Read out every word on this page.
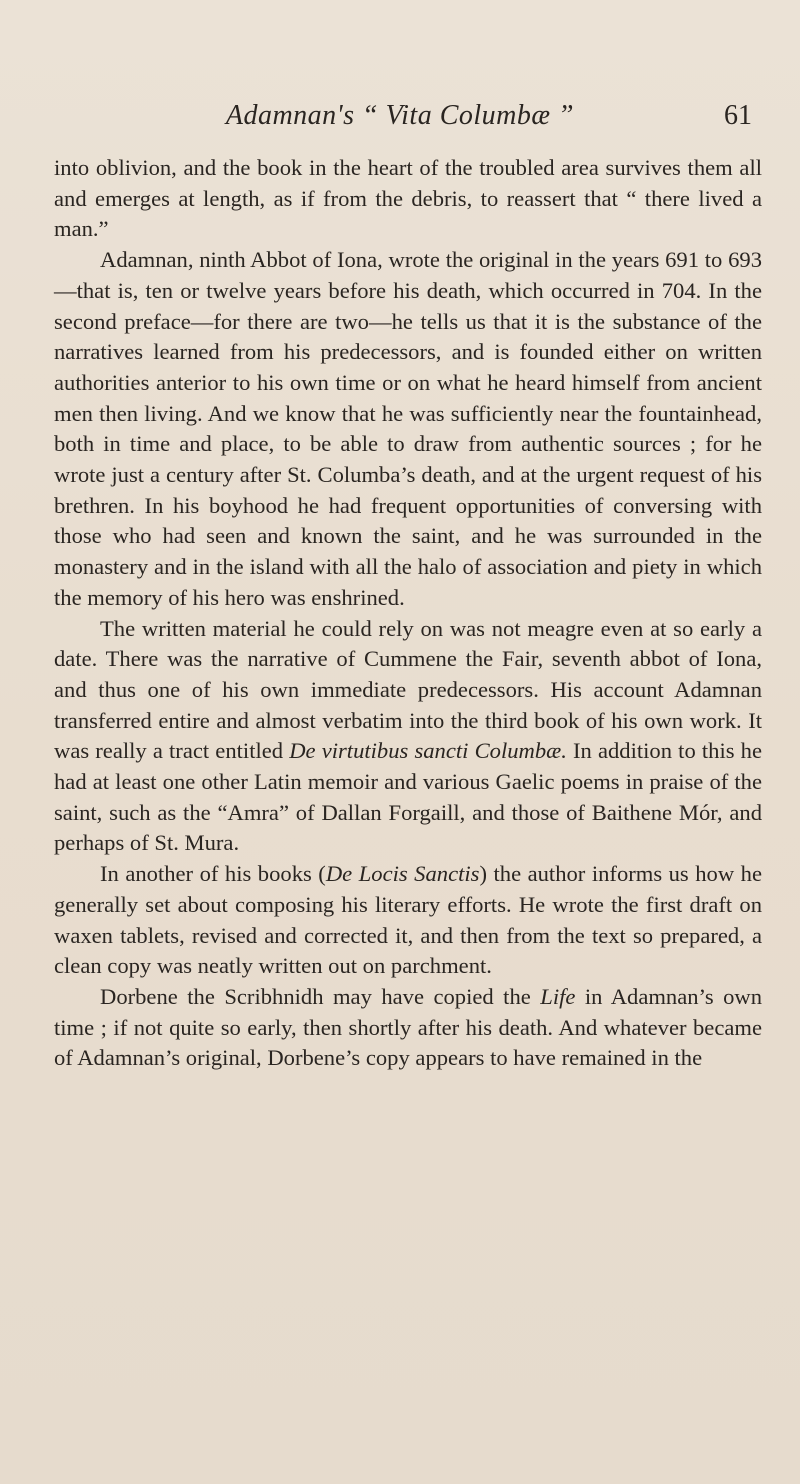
Adamnan's “ Vita Columbæ ”	61

into oblivion, and the book in the heart of the troubled area survives them all and emerges at length, as if from the debris, to reassert that “ there lived a man.”

Adamnan, ninth Abbot of Iona, wrote the original in the years 691 to 693—that is, ten or twelve years before his death, which occurred in 704. In the second preface—for there are two—he tells us that it is the substance of the narratives learned from his predecessors, and is founded either on written authorities anterior to his own time or on what he heard himself from ancient men then living. And we know that he was sufficiently near the fountainhead, both in time and place, to be able to draw from authentic sources ; for he wrote just a century after St. Columba’s death, and at the urgent request of his brethren. In his boyhood he had frequent opportunities of conversing with those who had seen and known the saint, and he was surrounded in the monastery and in the island with all the halo of association and piety in which the memory of his hero was enshrined.

The written material he could rely on was not meagre even at so early a date. There was the narrative of Cummene the Fair, seventh abbot of Iona, and thus one of his own immediate predecessors. His account Adamnan transferred entire and almost verbatim into the third book of his own work. It was really a tract entitled De virtutibus sancti Columbæ. In addition to this he had at least one other Latin memoir and various Gaelic poems in praise of the saint, such as the “Amra” of Dallan Forgaill, and those of Baithene Mór, and perhaps of St. Mura.

In another of his books (De Locis Sanctis) the author informs us how he generally set about composing his literary efforts. He wrote the first draft on waxen tablets, revised and corrected it, and then from the text so prepared, a clean copy was neatly written out on parchment.

Dorbene the Scribhnidh may have copied the Life in Adamnan’s own time ; if not quite so early, then shortly after his death. And whatever became of Adamnan’s original, Dorbene’s copy appears to have remained in the
